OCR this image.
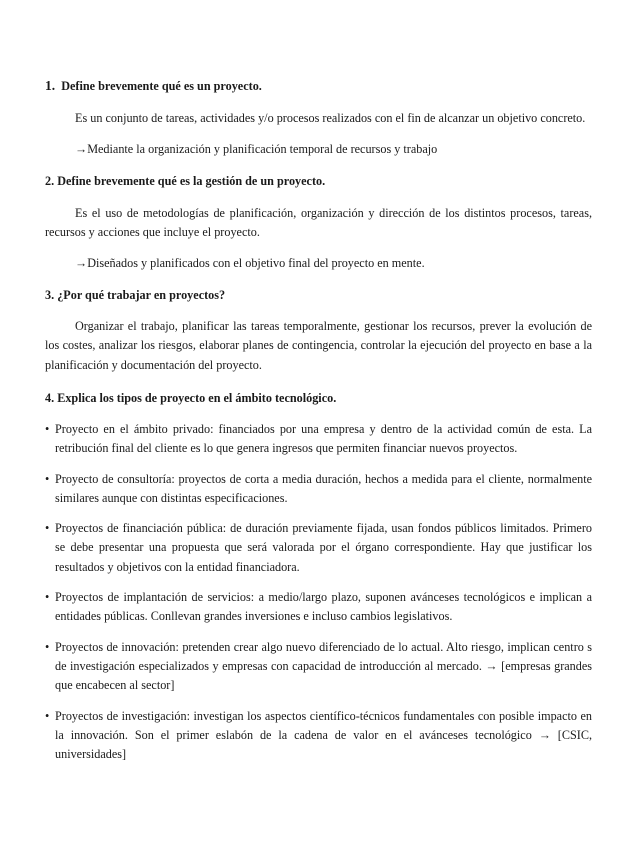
1. Define brevemente qué es un proyecto.

Es un conjunto de tareas, actividades y/o procesos realizados con el fin de alcanzar un objetivo concreto.

→Mediante la organización y planificación temporal de recursos y trabajo

2. Define brevemente qué es la gestión de un proyecto.

Es el uso de metodologías de planificación, organización y dirección de los distintos procesos, tareas, recursos y acciones que incluye el proyecto.

→Diseñados y planificados con el objetivo final del proyecto en mente.

3. ¿Por qué trabajar en proyectos?

Organizar el trabajo, planificar las tareas temporalmente, gestionar los recursos, prever la evolución de los costes, analizar los riesgos, elaborar planes de contingencia, controlar la ejecución del proyecto en base a la planificación y documentación del proyecto.

4. Explica los tipos de proyecto en el ámbito tecnológico.

• Proyecto en el ámbito privado: financiados por una empresa y dentro de la actividad común de esta. La retribución final del cliente es lo que genera ingresos que permiten financiar nuevos proyectos.
• Proyecto de consultoría: proyectos de corta a media duración, hechos a medida para el cliente, normalmente similares aunque con distintas especificaciones.
• Proyectos de financiación pública: de duración previamente fijada, usan fondos públicos limitados. Primero se debe presentar una propuesta que será valorada por el órgano correspondiente. Hay que justificar los resultados y objetivos con la entidad financiadora.
• Proyectos de implantación de servicios: a medio/largo plazo, suponen avánceses tecnológicos e implican a entidades públicas. Conllevan grandes inversiones e incluso cambios legislativos.
• Proyectos de innovación: pretenden crear algo nuevo diferenciado de lo actual. Alto riesgo, implican centro s de investigación especializados y empresas con capacidad de introducción al mercado. → [empresas grandes que encabecen al sector]
• Proyectos de investigación: investigan los aspectos científico-técnicos fundamentales con posible impacto en la innovación. Son el primer eslabón de la cadena de valor en el avánceses tecnológico → [CSIC, universidades]
